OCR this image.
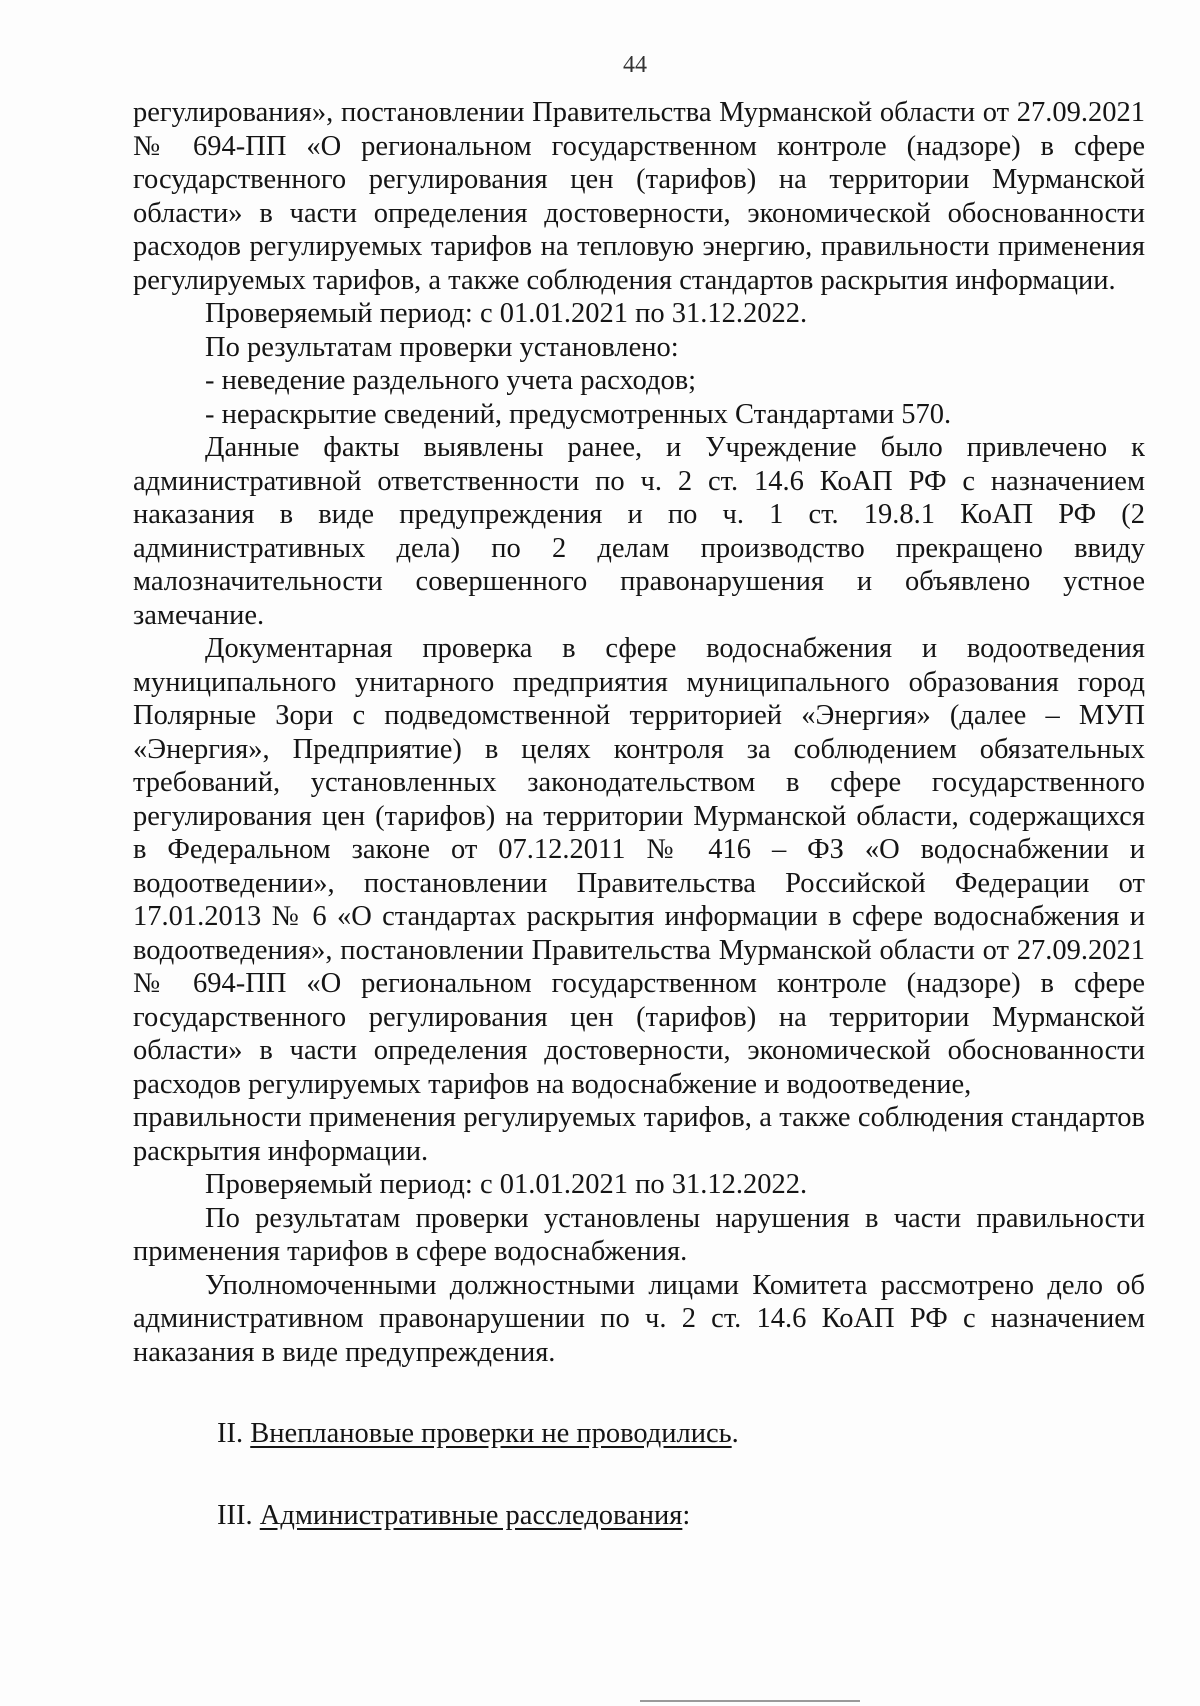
44

регулирования», постановлении Правительства Мурманской области от 27.09.2021 № 694-ПП «О региональном государственном контроле (надзоре) в сфере государственного регулирования цен (тарифов) на территории Мурманской области» в части определения достоверности, экономической обоснованности расходов регулируемых тарифов на тепловую энергию, правильности применения регулируемых тарифов, а также соблюдения стандартов раскрытия информации.

Проверяемый период: с 01.01.2021 по 31.12.2022.

По результатам проверки установлено:

- неведение раздельного учета расходов;

- нераскрытие сведений, предусмотренных Стандартами 570.

Данные факты выявлены ранее, и Учреждение было привлечено к административной ответственности по ч. 2 ст. 14.6 КоАП РФ с назначением наказания в виде предупреждения и по ч. 1 ст. 19.8.1 КоАП РФ (2 административных дела) по 2 делам производство прекращено ввиду малозначительности совершенного правонарушения и объявлено устное замечание.

Документарная проверка в сфере водоснабжения и водоотведения муниципального унитарного предприятия муниципального образования город Полярные Зори с подведомственной территорией «Энергия» (далее – МУП «Энергия», Предприятие) в целях контроля за соблюдением обязательных требований, установленных законодательством в сфере государственного регулирования цен (тарифов) на территории Мурманской области, содержащихся в Федеральном законе от 07.12.2011 № 416 – ФЗ «О водоснабжении и водоотведении», постановлении Правительства Российской Федерации от 17.01.2013 № 6 «О стандартах раскрытия информации в сфере водоснабжения и водоотведения», постановлении Правительства Мурманской области от 27.09.2021 № 694-ПП «О региональном государственном контроле (надзоре) в сфере государственного регулирования цен (тарифов) на территории Мурманской области» в части определения достоверности, экономической обоснованности расходов регулируемых тарифов на водоснабжение и водоотведение,

правильности применения регулируемых тарифов, а также соблюдения стандартов раскрытия информации.

Проверяемый период: с 01.01.2021 по 31.12.2022.

По результатам проверки установлены нарушения в части правильности применения тарифов в сфере водоснабжения.

Уполномоченными должностными лицами Комитета рассмотрено дело об административном правонарушении по ч. 2 ст. 14.6 КоАП РФ с назначением наказания в виде предупреждения.

II. Внеплановые проверки не проводились.

III. Административные расследования:
